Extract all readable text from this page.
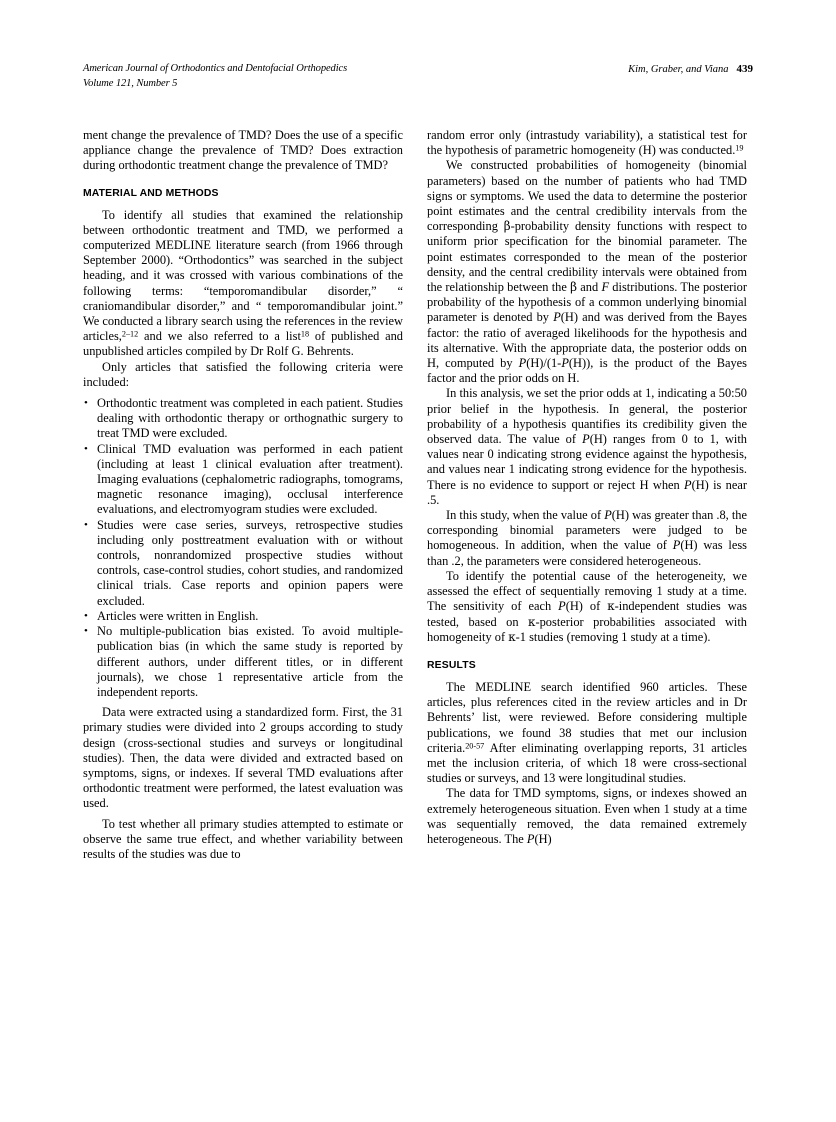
American Journal of Orthodontics and Dentofacial Orthopedics
Volume 121, Number 5
Kim, Graber, and Viana 439

ment change the prevalence of TMD? Does the use of a specific appliance change the prevalence of TMD? Does extraction during orthodontic treatment change the prevalence of TMD?

MATERIAL AND METHODS

To identify all studies that examined the relationship between orthodontic treatment and TMD, we performed a computerized MEDLINE literature search (from 1966 through September 2000). “Orthodontics” was searched in the subject heading, and it was crossed with various combinations of the following terms: “temporomandibular disorder,” “ craniomandibular disorder,” and “ temporomandibular joint.” We conducted a library search using the references in the review articles,$^{2-12}$ and we also referred to a list$^{18}$ of published and unpublished articles compiled by Dr Rolf G. Behrents.

Only articles that satisfied the following criteria were included:

• Orthodontic treatment was completed in each patient. Studies dealing with orthodontic therapy or orthognathic surgery to treat TMD were excluded.
• Clinical TMD evaluation was performed in each patient (including at least 1 clinical evaluation after treatment). Imaging evaluations (cephalometric radiographs, tomograms, magnetic resonance imaging), occlusal interference evaluations, and electromyogram studies were excluded.
• Studies were case series, surveys, retrospective studies including only posttreatment evaluation with or without controls, nonrandomized prospective studies without controls, case-control studies, cohort studies, and randomized clinical trials. Case reports and opinion papers were excluded.
• Articles were written in English.
• No multiple-publication bias existed. To avoid multiple-publication bias (in which the same study is reported by different authors, under different titles, or in different journals), we chose 1 representative article from the independent reports.

Data were extracted using a standardized form. First, the 31 primary studies were divided into 2 groups according to study design (cross-sectional studies and surveys or longitudinal studies). Then, the data were divided and extracted based on symptoms, signs, or indexes. If several TMD evaluations after orthodontic treatment were performed, the latest evaluation was used.

To test whether all primary studies attempted to estimate or observe the same true effect, and whether variability between results of the studies was due to

random error only (intrastudy variability), a statistical test for the hypothesis of parametric homogeneity (H) was conducted.$^{19}$

We constructed probabilities of homogeneity (binomial parameters) based on the number of patients who had TMD signs or symptoms. We used the data to determine the posterior point estimates and the central credibility intervals from the corresponding β-probability density functions with respect to uniform prior specification for the binomial parameter. The point estimates corresponded to the mean of the posterior density, and the central credibility intervals were obtained from the relationship between the β and F distributions. The posterior probability of the hypothesis of a common underlying binomial parameter is denoted by P(H) and was derived from the Bayes factor: the ratio of averaged likelihoods for the hypothesis and its alternative. With the appropriate data, the posterior odds on H, computed by P(H)/(1-P(H)), is the product of the Bayes factor and the prior odds on H.

In this analysis, we set the prior odds at 1, indicating a 50:50 prior belief in the hypothesis. In general, the posterior probability of a hypothesis quantifies its credibility given the observed data. The value of P(H) ranges from 0 to 1, with values near 0 indicating strong evidence against the hypothesis, and values near 1 indicating strong evidence for the hypothesis. There is no evidence to support or reject H when P(H) is near .5.

In this study, when the value of P(H) was greater than .8, the corresponding binomial parameters were judged to be homogeneous. In addition, when the value of P(H) was less than .2, the parameters were considered heterogeneous.

To identify the potential cause of the heterogeneity, we assessed the effect of sequentially removing 1 study at a time. The sensitivity of each P(H) of κ-independent studies was tested, based on κ-posterior probabilities associated with homogeneity of κ-1 studies (removing 1 study at a time).

RESULTS

The MEDLINE search identified 960 articles. These articles, plus references cited in the review articles and in Dr Behrents’ list, were reviewed. Before considering multiple publications, we found 38 studies that met our inclusion criteria.$^{20-57}$ After eliminating overlapping reports, 31 articles met the inclusion criteria, of which 18 were cross-sectional studies or surveys, and 13 were longitudinal studies.

The data for TMD symptoms, signs, or indexes showed an extremely heterogeneous situation. Even when 1 study at a time was sequentially removed, the data remained extremely heterogeneous. The P(H)
